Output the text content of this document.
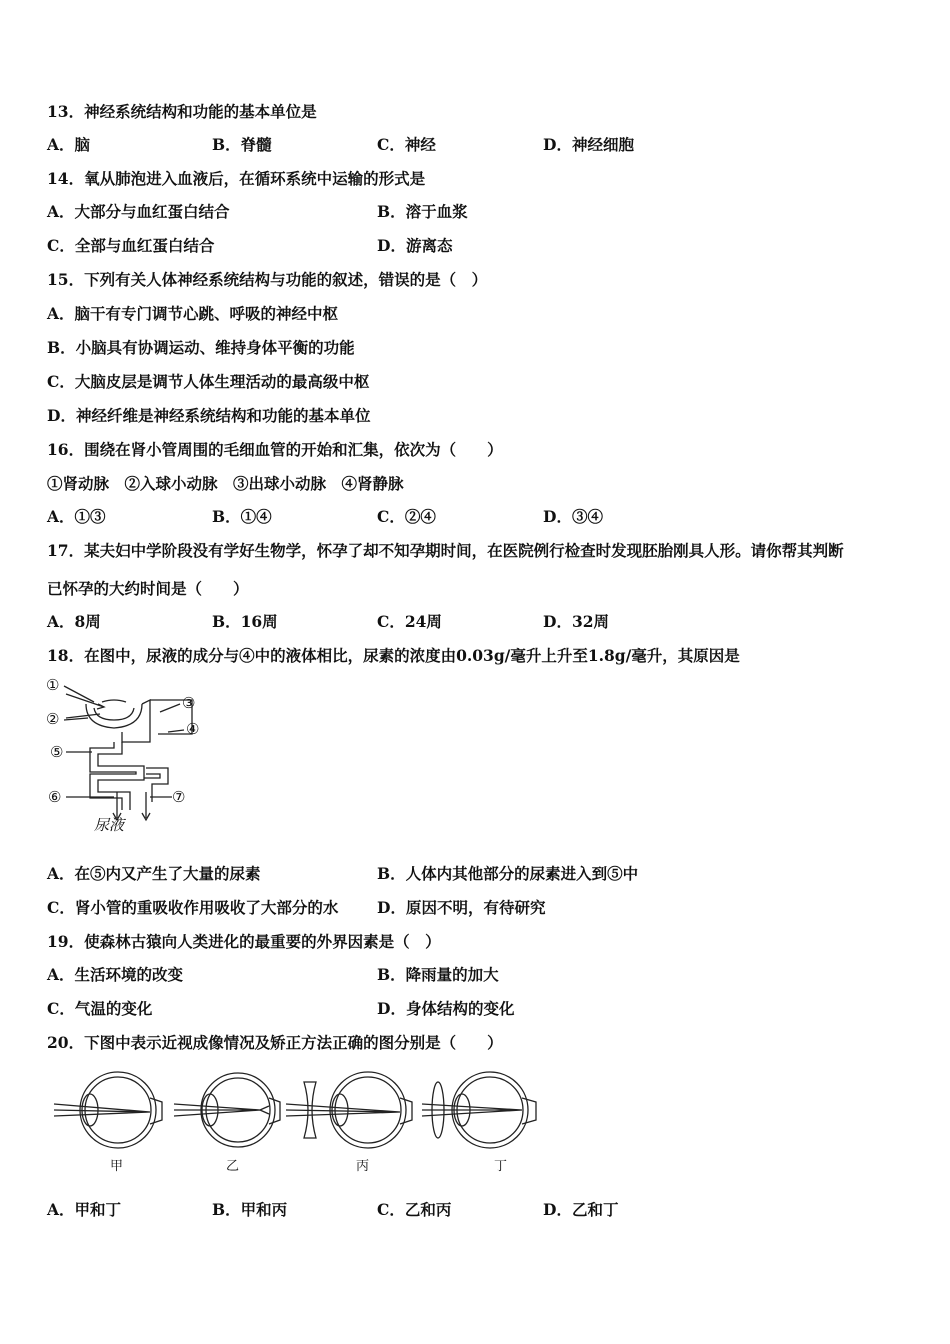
13．神经系统结构和功能的基本单位是
A．脑	B．脊髓	C．神经	D．神经细胞
14．氧从肺泡进入血液后，在循环系统中运输的形式是
A．大部分与血红蛋白结合	B．溶于血浆
C．全部与血红蛋白结合	D．游离态
15．下列有关人体神经系统结构与功能的叙述，错误的是（　）
A．脑干有专门调节心跳、呼吸的神经中枢
B．小脑具有协调运动、维持身体平衡的功能
C．大脑皮层是调节人体生理活动的最高级中枢
D．神经纤维是神经系统结构和功能的基本单位
16．围绕在肾小管周围的毛细血管的开始和汇集，依次为（　　）
①肾动脉　②入球小动脉　③出球小动脉　④肾静脉
A．①③	B．①④	C．②④	D．③④
17．某夫妇中学阶段没有学好生物学，怀孕了却不知孕期时间，在医院例行检查时发现胚胎刚具人形。请你帮其判断
已怀孕的大约时间是（　　）
A．8周	B．16周	C．24周	D．32周
18．在图中，尿液的成分与④中的液体相比，尿素的浓度由0.03g/毫升上升至1.8g/毫升，其原因是
①
②
③
④
⑤
⑥	⑦
尿液
A．在⑤内又产生了大量的尿素	B．人体内其他部分的尿素进入到⑤中
C．肾小管的重吸收作用吸收了大部分的水 D．原因不明，有待研究
19．使森林古猿向人类进化的最重要的外界因素是（　）
A．生活环境的改变	B．降雨量的加大
C．气温的变化	D．身体结构的变化
20．下图中表示近视成像情况及矫正方法正确的图分别是（　　）
甲	乙	丙	丁
A．甲和丁	B．甲和丙	C．乙和丙	D．乙和丁
